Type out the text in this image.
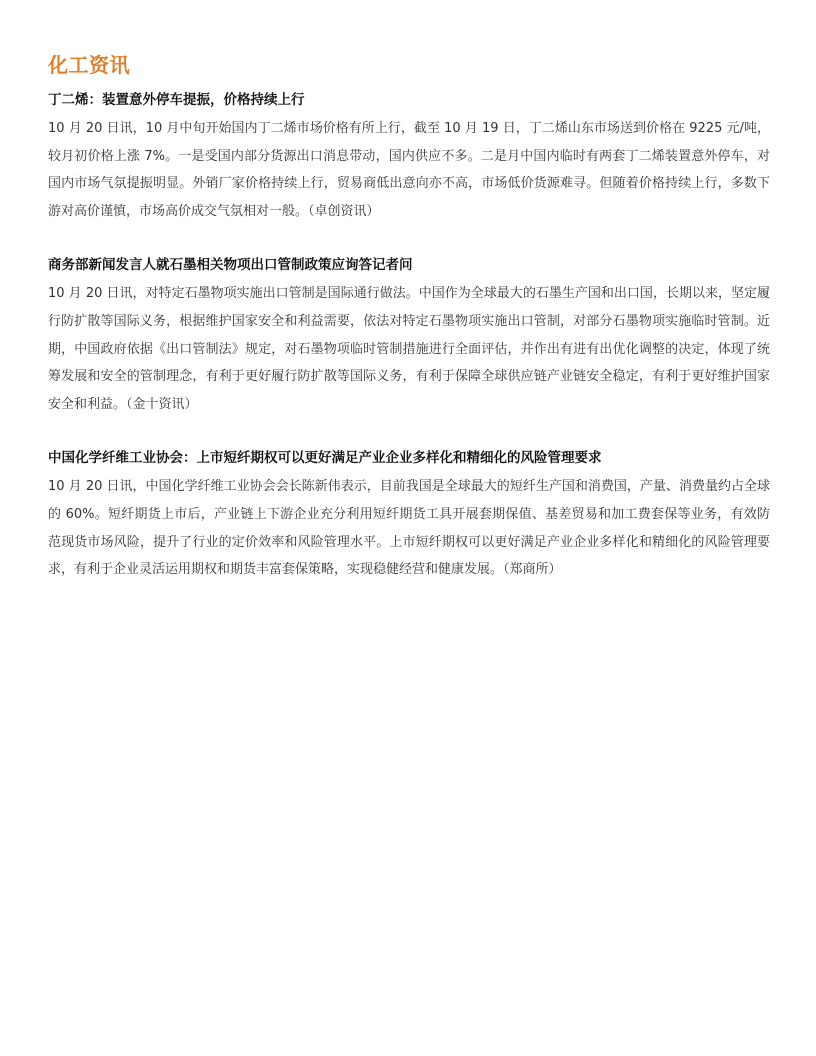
化工资讯
丁二烯：装置意外停车提振，价格持续上行

10 月 20 日讯，10 月中旬开始国内丁二烯市场价格有所上行，截至 10 月 19 日，丁二烯山东市场送到价格在 9225 元/吨，较月初价格上涨 7%。一是受国内部分货源出口消息带动，国内供应不多。二是月中国内临时有两套丁二烯装置意外停车，对国内市场气氛提振明显。外销厂家价格持续上行，贸易商低出意向亦不高，市场低价货源难寻。但随着价格持续上行，多数下游对高价谨慎，市场高价成交气氛相对一般。（卓创资讯）

商务部新闻发言人就石墨相关物项出口管制政策应询答记者问

10 月 20 日讯，对特定石墨物项实施出口管制是国际通行做法。中国作为全球最大的石墨生产国和出口国，长期以来，坚定履行防扩散等国际义务，根据维护国家安全和利益需要，依法对特定石墨物项实施出口管制，对部分石墨物项实施临时管制。近期，中国政府依据《出口管制法》规定，对石墨物项临时管制措施进行全面评估，并作出有进有出优化调整的决定，体现了统筹发展和安全的管制理念，有利于更好履行防扩散等国际义务，有利于保障全球供应链产业链安全稳定，有利于更好维护国家安全和利益。（金十资讯）

中国化学纤维工业协会：上市短纤期权可以更好满足产业企业多样化和精细化的风险管理要求

10 月 20 日讯，中国化学纤维工业协会会长陈新伟表示，目前我国是全球最大的短纤生产国和消费国，产量、消费量约占全球的 60%。短纤期货上市后，产业链上下游企业充分利用短纤期货工具开展套期保值、基差贸易和加工费套保等业务，有效防范现货市场风险，提升了行业的定价效率和风险管理水平。上市短纤期权可以更好满足产业企业多样化和精细化的风险管理要求，有利于企业灵活运用期权和期货丰富套保策略，实现稳健经营和健康发展。（郑商所）
